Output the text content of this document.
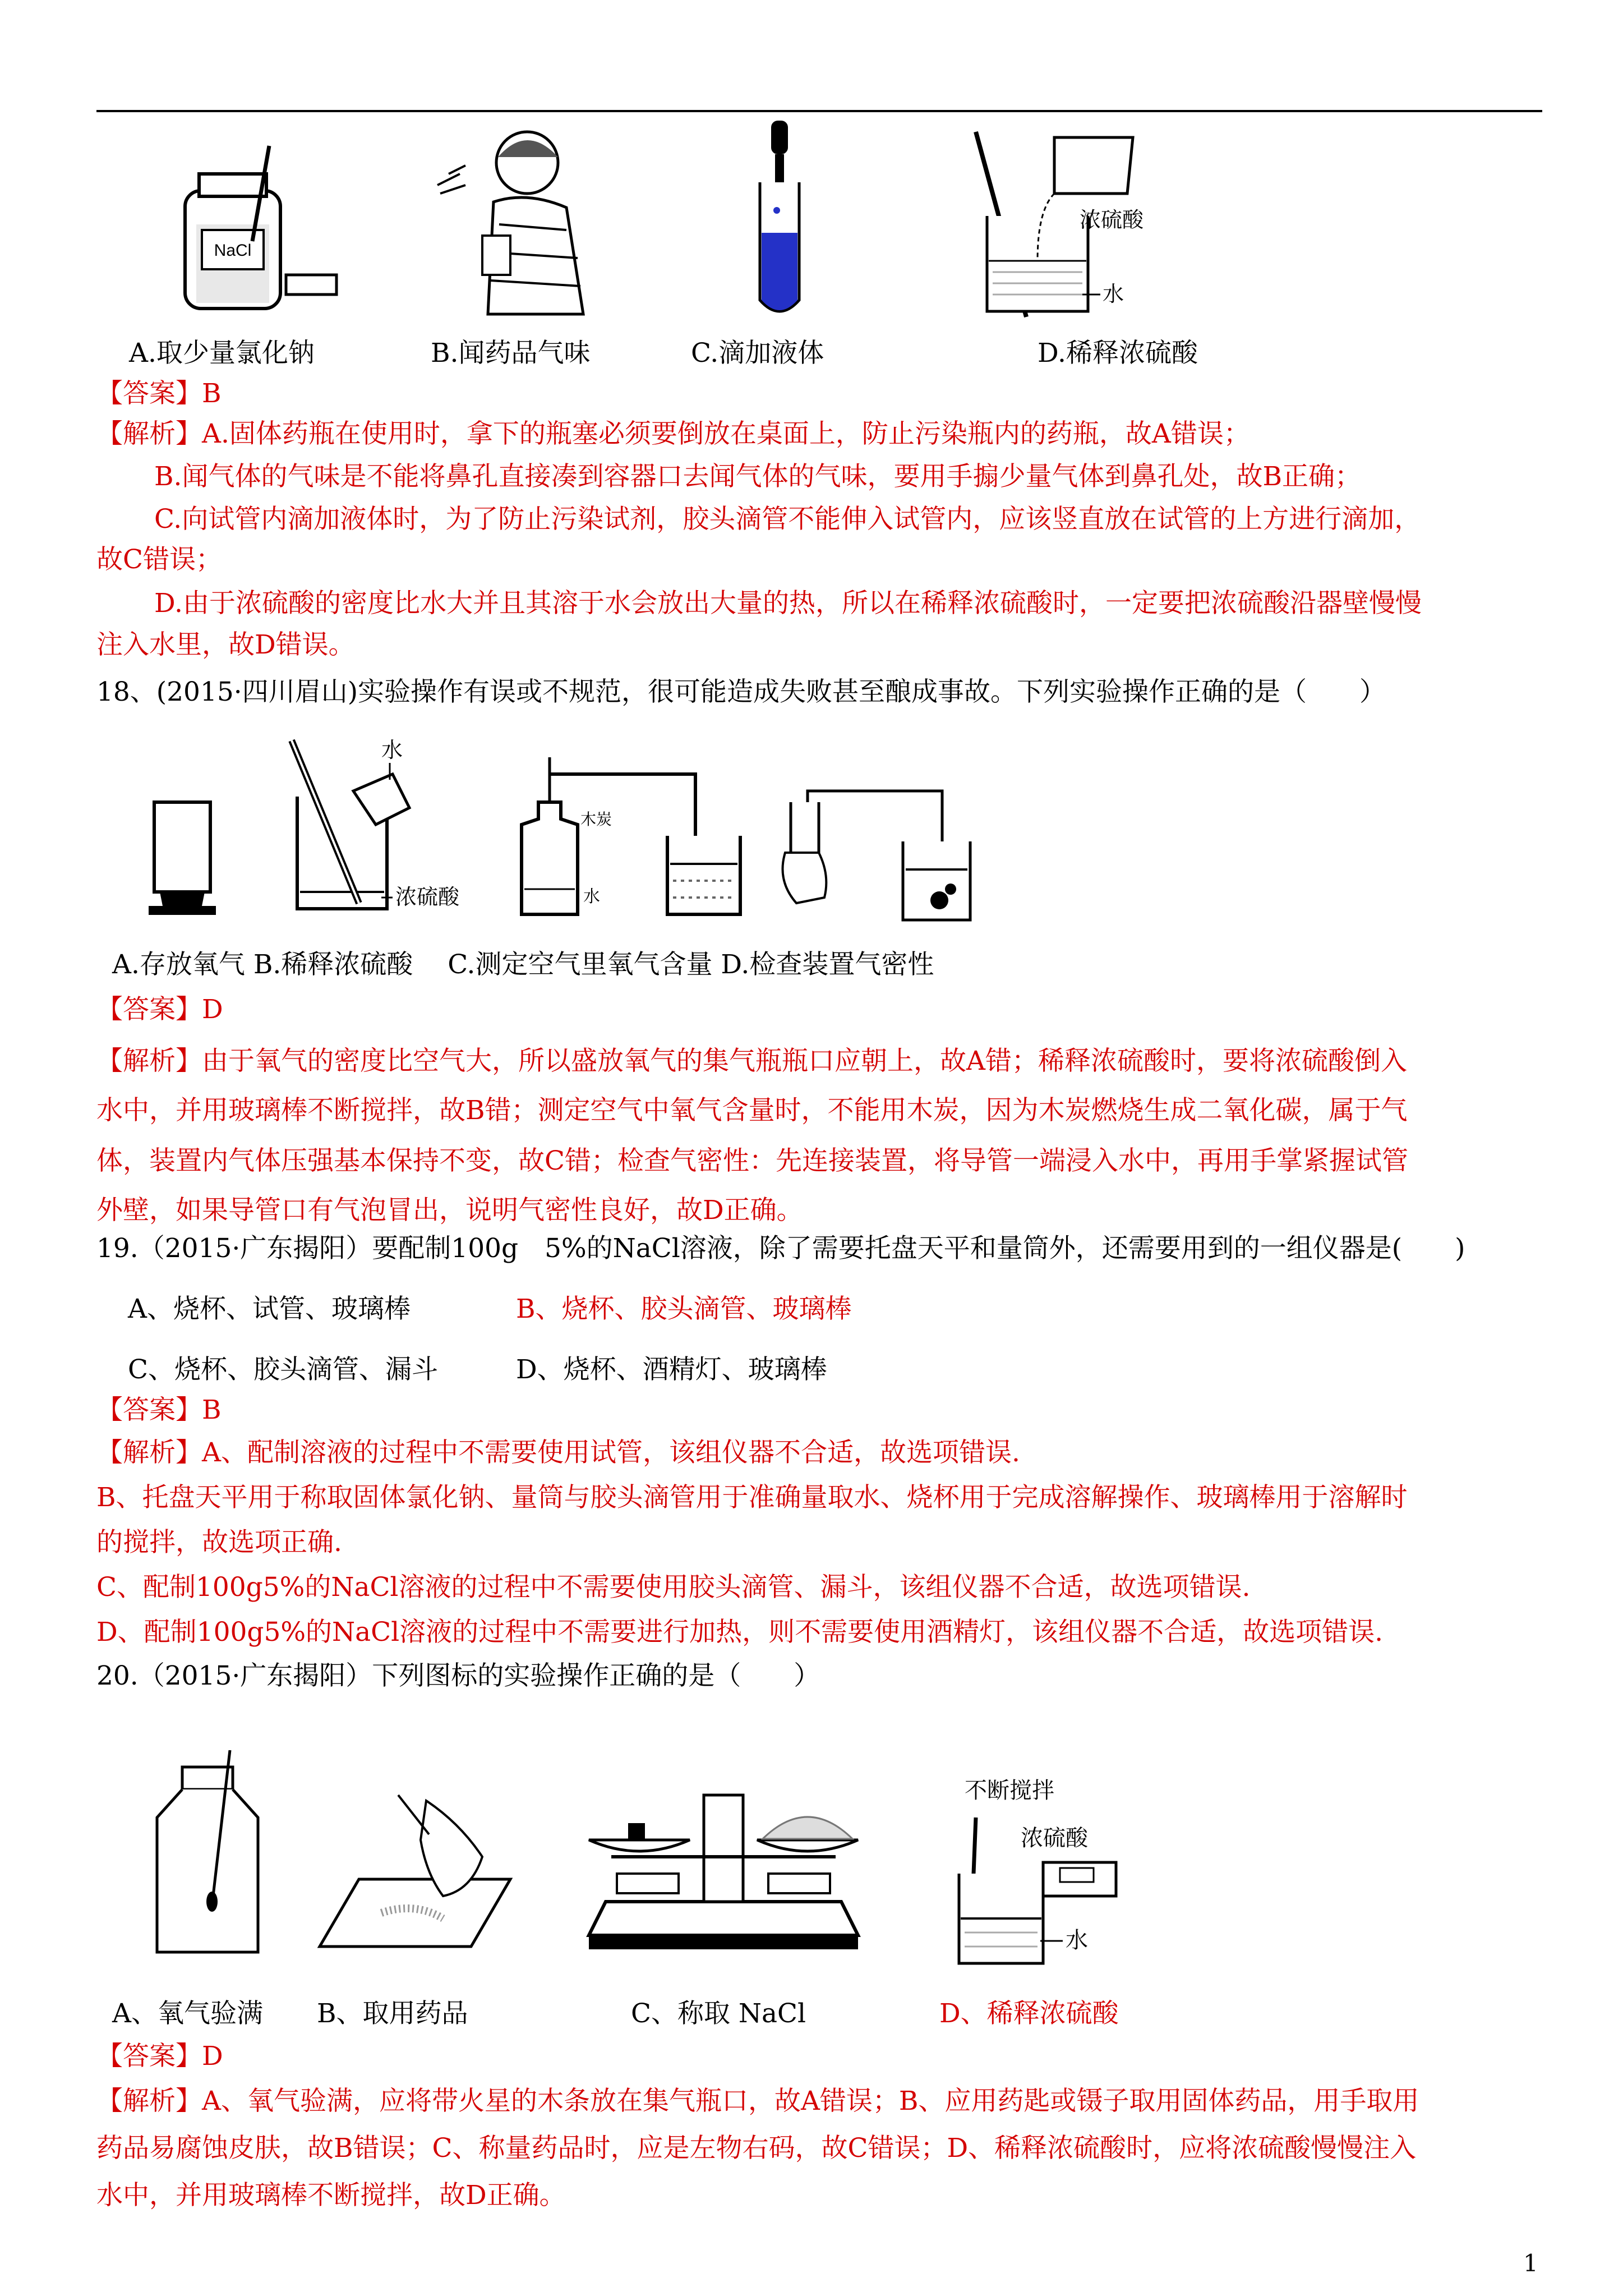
NaCl
浓硫酸
水
A.取少量氯化钠	B.闻药品气味	C.滴加液体	D.稀释浓硫酸
【答案】B
【解析】A.固体药瓶在使用时，拿下的瓶塞必须要倒放在桌面上，防止污染瓶内的药瓶，故A错误；
B.闻气体的气味是不能将鼻孔直接凑到容器口去闻气体的气味，要用手搧少量气体到鼻孔处，故B正确；
C.向试管内滴加液体时，为了防止污染试剂，胶头滴管不能伸入试管内，应该竖直放在试管的上方进行滴加，
故C错误；
D.由于浓硫酸的密度比水大并且其溶于水会放出大量的热，所以在稀释浓硫酸时，一定要把浓硫酸沿器壁慢慢
注入水里，故D错误。
18、(2015·四川眉山)实验操作有误或不规范，很可能造成失败甚至酿成事故。下列实验操作正确的是（　　）
水
浓硫酸
木炭
水
A.存放氧气 B.稀释浓硫酸　 C.测定空气里氧气含量 D.检查装置气密性
【答案】D
【解析】由于氧气的密度比空气大，所以盛放氧气的集气瓶瓶口应朝上，故A错；稀释浓硫酸时，要将浓硫酸倒入
水中，并用玻璃棒不断搅拌，故B错；测定空气中氧气含量时，不能用木炭，因为木炭燃烧生成二氧化碳，属于气
体，装置内气体压强基本保持不变，故C错；检查气密性：先连接装置，将导管一端浸入水中，再用手掌紧握试管
外壁，如果导管口有气泡冒出，说明气密性良好，故D正确。
19.（2015·广东揭阳）要配制100g　5%的NaCl溶液，除了需要托盘天平和量筒外，还需要用到的一组仪器是(　　)
A、烧杯、试管、玻璃棒	B、烧杯、胶头滴管、玻璃棒
C、烧杯、胶头滴管、漏斗	D、烧杯、酒精灯、玻璃棒
【答案】B
【解析】A、配制溶液的过程中不需要使用试管，该组仪器不合适，故选项错误.
B、托盘天平用于称取固体氯化钠、量筒与胶头滴管用于准确量取水、烧杯用于完成溶解操作、玻璃棒用于溶解时
的搅拌，故选项正确.
C、配制100g5%的NaCl溶液的过程中不需要使用胶头滴管、漏斗，该组仪器不合适，故选项错误.
D、配制100g5%的NaCl溶液的过程中不需要进行加热，则不需要使用酒精灯，该组仪器不合适，故选项错误.
20.（2015·广东揭阳）下列图标的实验操作正确的是（　　）
不断搅拌
浓硫酸
水
A、氧气验满 B、取用药品	C、称取 NaCl	D、稀释浓硫酸
【答案】D
【解析】A、氧气验满，应将带火星的木条放在集气瓶口，故A错误；B、应用药匙或镊子取用固体药品，用手取用
药品易腐蚀皮肤，故B错误；C、称量药品时，应是左物右码，故C错误；D、稀释浓硫酸时，应将浓硫酸慢慢注入
水中，并用玻璃棒不断搅拌，故D正确。
1
